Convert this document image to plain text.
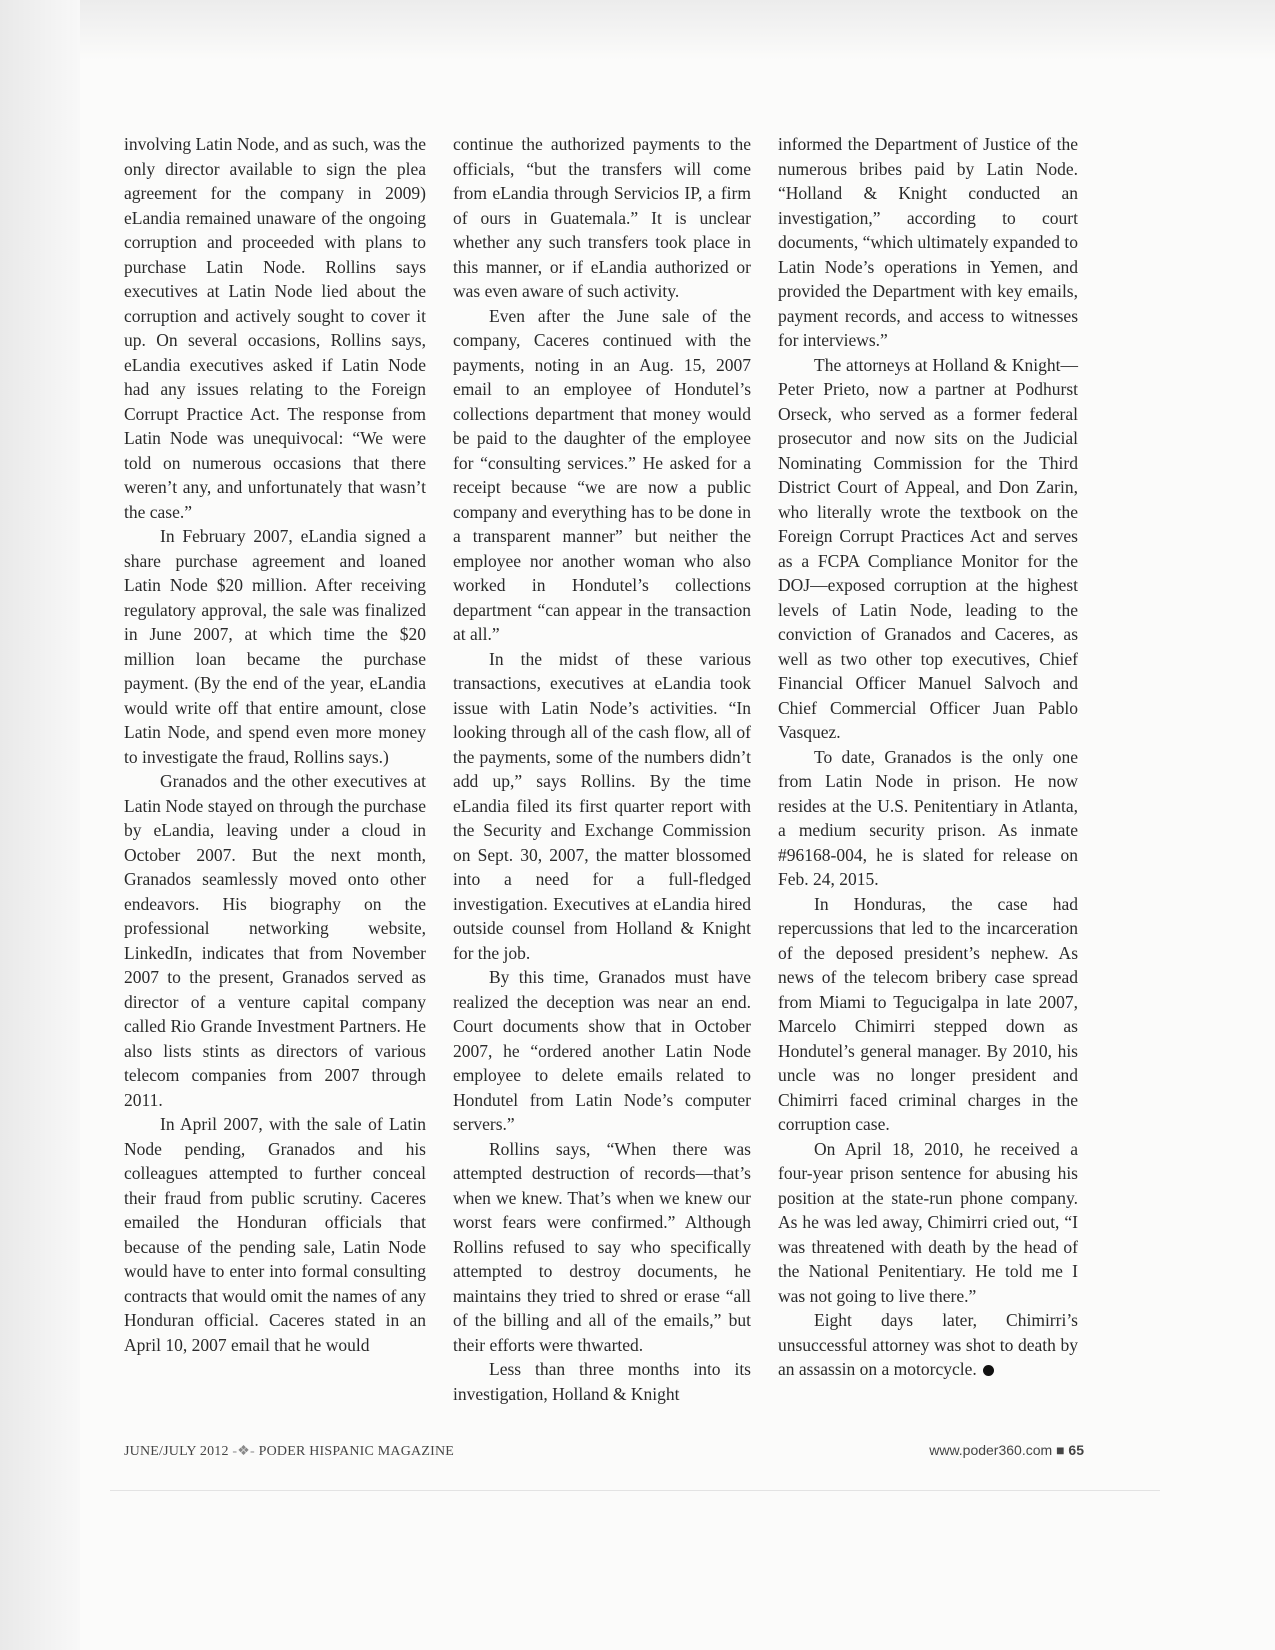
involving Latin Node, and as such, was the only director available to sign the plea agreement for the company in 2009) eLandia remained unaware of the ongoing corruption and proceeded with plans to purchase Latin Node. Rollins says executives at Latin Node lied about the corruption and actively sought to cover it up. On several occasions, Rollins says, eLandia executives asked if Latin Node had any issues relating to the Foreign Corrupt Practice Act. The response from Latin Node was unequivocal: “We were told on numerous occasions that there weren’t any, and unfortunately that wasn’t the case.”

In February 2007, eLandia signed a share purchase agreement and loaned Latin Node $20 million. After receiving regulatory approval, the sale was finalized in June 2007, at which time the $20 million loan became the purchase payment. (By the end of the year, eLandia would write off that entire amount, close Latin Node, and spend even more money to investigate the fraud, Rollins says.)

Granados and the other executives at Latin Node stayed on through the purchase by eLandia, leaving under a cloud in October 2007. But the next month, Granados seamlessly moved onto other endeavors. His biography on the professional networking website, LinkedIn, indicates that from November 2007 to the present, Granados served as director of a venture capital company called Rio Grande Investment Partners. He also lists stints as directors of various telecom companies from 2007 through 2011.

In April 2007, with the sale of Latin Node pending, Granados and his colleagues attempted to further conceal their fraud from public scrutiny. Caceres emailed the Honduran officials that because of the pending sale, Latin Node would have to enter into formal consulting contracts that would omit the names of any Honduran official. Caceres stated in an April 10, 2007 email that he would

continue the authorized payments to the officials, “but the transfers will come from eLandia through Servicios IP, a firm of ours in Guatemala.” It is unclear whether any such transfers took place in this manner, or if eLandia authorized or was even aware of such activity.

Even after the June sale of the company, Caceres continued with the payments, noting in an Aug. 15, 2007 email to an employee of Hondutel’s collections department that money would be paid to the daughter of the employee for “consulting services.” He asked for a receipt because “we are now a public company and everything has to be done in a transparent manner” but neither the employee nor another woman who also worked in Hondutel’s collections department “can appear in the transaction at all.”

In the midst of these various transactions, executives at eLandia took issue with Latin Node’s activities. “In looking through all of the cash flow, all of the payments, some of the numbers didn’t add up,” says Rollins. By the time eLandia filed its first quarter report with the Security and Exchange Commission on Sept. 30, 2007, the matter blossomed into a need for a full-fledged investigation. Executives at eLandia hired outside counsel from Holland & Knight for the job.

By this time, Granados must have realized the deception was near an end. Court documents show that in October 2007, he “ordered another Latin Node employee to delete emails related to Hondutel from Latin Node’s computer servers.”

Rollins says, “When there was attempted destruction of records—that’s when we knew. That’s when we knew our worst fears were confirmed.” Although Rollins refused to say who specifically attempted to destroy documents, he maintains they tried to shred or erase “all of the billing and all of the emails,” but their efforts were thwarted.

Less than three months into its investigation, Holland & Knight

informed the Department of Justice of the numerous bribes paid by Latin Node. “Holland & Knight conducted an investigation,” according to court documents, “which ultimately expanded to Latin Node’s operations in Yemen, and provided the Department with key emails, payment records, and access to witnesses for interviews.”

The attorneys at Holland & Knight—Peter Prieto, now a partner at Podhurst Orseck, who served as a former federal prosecutor and now sits on the Judicial Nominating Commission for the Third District Court of Appeal, and Don Zarin, who literally wrote the textbook on the Foreign Corrupt Practices Act and serves as a FCPA Compliance Monitor for the DOJ—exposed corruption at the highest levels of Latin Node, leading to the conviction of Granados and Caceres, as well as two other top executives, Chief Financial Officer Manuel Salvoch and Chief Commercial Officer Juan Pablo Vasquez.

To date, Granados is the only one from Latin Node in prison. He now resides at the U.S. Penitentiary in Atlanta, a medium security prison. As inmate #96168-004, he is slated for release on Feb. 24, 2015.

In Honduras, the case had repercussions that led to the incarceration of the deposed president’s nephew. As news of the telecom bribery case spread from Miami to Tegucigalpa in late 2007, Marcelo Chimirri stepped down as Hondutel’s general manager. By 2010, his uncle was no longer president and Chimirri faced criminal charges in the corruption case.

On April 18, 2010, he received a four-year prison sentence for abusing his position at the state-run phone company. As he was led away, Chimirri cried out, “I was threatened with death by the head of the National Penitentiary. He told me I was not going to live there.”

Eight days later, Chimirri’s unsuccessful attorney was shot to death by an assassin on a motorcycle.

JUNE/JULY 2012 -❖- PODER HISPANIC MAGAZINE	www.poder360.com ■ 65
